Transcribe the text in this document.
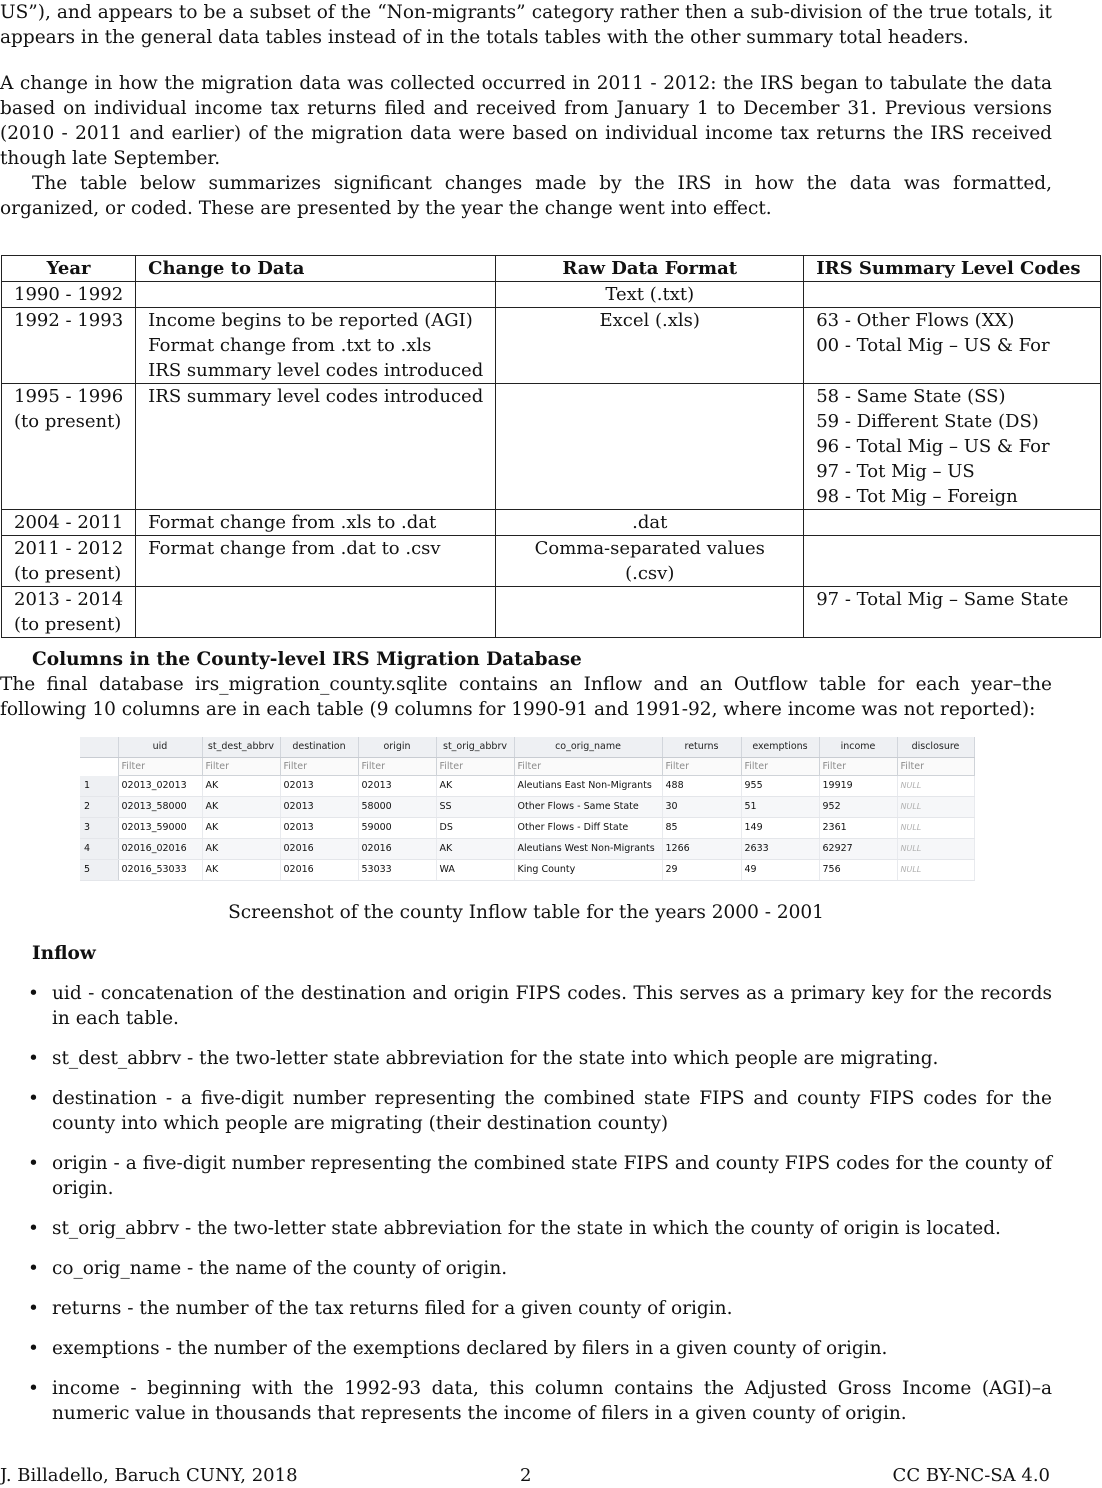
US”), and appears to be a subset of the “Non-migrants” category rather then a sub-division of the true totals, it appears in the general data tables instead of in the totals tables with the other summary total headers.

A change in how the migration data was collected occurred in 2011 - 2012: the IRS began to tabulate the data based on individual income tax returns filed and received from January 1 to December 31. Previous versions (2010 - 2011 and earlier) of the migration data were based on individual income tax returns the IRS received though late September.

The table below summarizes significant changes made by the IRS in how the data was formatted, organized, or coded. These are presented by the year the change went into effect.

Year	Change to Data	Raw Data Format	IRS Summary Level Codes

1990 - 1992		Text (.txt)	

1992 - 1993	Income begins to be reported (AGI)
Format change from .txt to .xls
IRS summary level codes introduced	Excel (.xls)	63 - Other Flows (XX)
00 - Total Mig – US & For

1995 - 1996
(to present)	IRS summary level codes introduced		58 - Same State (SS)
59 - Different State (DS)
96 - Total Mig – US & For
97 - Tot Mig – US
98 - Tot Mig – Foreign

2004 - 2011	Format change from .xls to .dat	.dat	

2011 - 2012
(to present)	Format change from .dat to .csv	Comma-separated values (.csv)	

2013 - 2014
(to present)			97 - Total Mig – Same State
Columns in the County-level IRS Migration Database

The final database irs_migration_county.sqlite contains an Inflow and an Outflow table for each year–the following 10 columns are in each table (9 columns for 1990-91 and 1991-92, where income was not reported):

	uid	st_dest_abbrv	destination	origin	st_orig_abbrv	co_orig_name	returns	exemptions	income	disclosure
	Filter	Filter	Filter	Filter	Filter	Filter	Filter	Filter	Filter	Filter
1	02013_02013	AK	02013	02013	AK	Aleutians East Non-Migrants	488	955	19919	NULL
2	02013_58000	AK	02013	58000	SS	Other Flows - Same State	30	51	952	NULL
3	02013_59000	AK	02013	59000	DS	Other Flows - Diff State	85	149	2361	NULL
4	02016_02016	AK	02016	02016	AK	Aleutians West Non-Migrants	1266	2633	62927	NULL
5	02016_53033	AK	02016	53033	WA	King County	29	49	756	NULL
Screenshot of the county Inflow table for the years 2000 - 2001
Inflow
• uid - concatenation of the destination and origin FIPS codes. This serves as a primary key for the records in each table.
• st_dest_abbrv - the two-letter state abbreviation for the state into which people are migrating.
• destination - a five-digit number representing the combined state FIPS and county FIPS codes for the county into which people are migrating (their destination county)
• origin - a five-digit number representing the combined state FIPS and county FIPS codes for the county of origin.
• st_orig_abbrv - the two-letter state abbreviation for the state in which the county of origin is located.
• co_orig_name - the name of the county of origin.
• returns - the number of the tax returns filed for a given county of origin.
• exemptions - the number of the exemptions declared by filers in a given county of origin.
• income - beginning with the 1992-93 data, this column contains the Adjusted Gross Income (AGI)–a numeric value in thousands that represents the income of filers in a given county of origin.
J. Billadello, Baruch CUNY, 2018	2	CC BY-NC-SA 4.0
